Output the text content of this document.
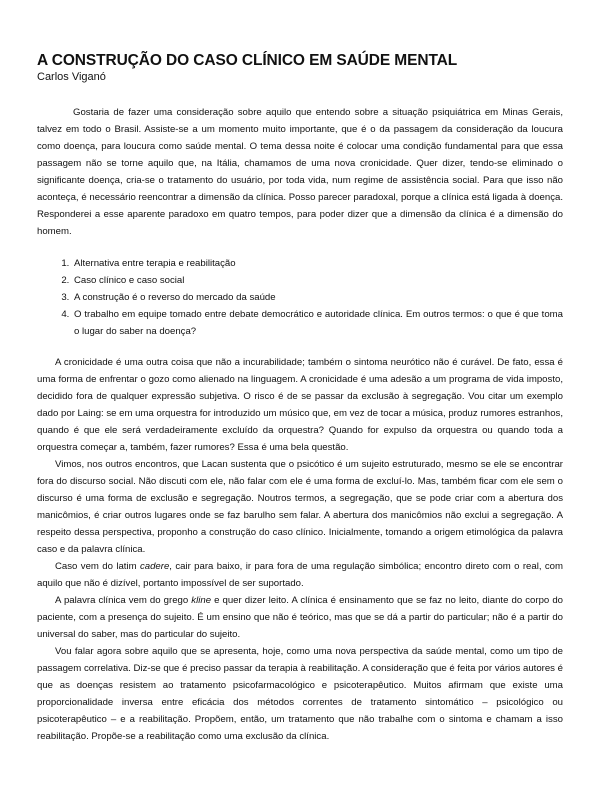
A CONSTRUÇÃO DO CASO CLÍNICO EM SAÚDE MENTAL
Carlos Viganó

Gostaria de fazer uma consideração sobre aquilo que entendo sobre a situação psiquiátrica em Minas Gerais, talvez em todo o Brasil. Assiste-se a um momento muito importante, que é o da passagem da consideração da loucura como doença, para loucura como saúde mental. O tema dessa noite é colocar uma condição fundamental para que essa passagem não se torne aquilo que, na Itália, chamamos de uma nova cronicidade. Quer dizer, tendo-se eliminado o significante doença, cria-se o tratamento do usuário, por toda vida, num regime de assistência social. Para que isso não aconteça, é necessário reencontrar a dimensão da clínica. Posso parecer paradoxal, porque a clínica está ligada à doença. Responderei a esse aparente paradoxo em quatro tempos, para poder dizer que a dimensão da clínica é a dimensão do homem.

1. Alternativa entre terapia e reabilitação
2. Caso clínico e caso social
3. A construção é o reverso do mercado da saúde
4. O trabalho em equipe tomado entre debate democrático e autoridade clínica. Em outros termos: o que é que toma o lugar do saber na doença?

A cronicidade é uma outra coisa que não a incurabilidade; também o sintoma neurótico não é curável. De fato, essa é uma forma de enfrentar o gozo como alienado na linguagem. A cronicidade é uma adesão a um programa de vida imposto, decidido fora de qualquer expressão subjetiva. O risco é de se passar da exclusão à segregação. Vou citar um exemplo dado por Laing: se em uma orquestra for introduzido um músico que, em vez de tocar a música, produz rumores estranhos, quando é que ele será verdadeiramente excluído da orquestra? Quando for expulso da orquestra ou quando toda a orquestra começar a, também, fazer rumores? Essa é uma bela questão.

Vimos, nos outros encontros, que Lacan sustenta que o psicótico é um sujeito estruturado, mesmo se ele se encontrar fora do discurso social. Não discuti com ele, não falar com ele é uma forma de excluí-lo. Mas, também ficar com ele sem o discurso é uma forma de exclusão e segregação. Noutros termos, a segregação, que se pode criar com a abertura dos manicômios, é criar outros lugares onde se faz barulho sem falar. A abertura dos manicômios não exclui a segregação. A respeito dessa perspectiva, proponho a construção do caso clínico. Inicialmente, tomando a origem etimológica da palavra caso e da palavra clínica.

Caso vem do latim cadere, cair para baixo, ir para fora de uma regulação simbólica; encontro direto com o real, com aquilo que não é dizível, portanto impossível de ser suportado.

A palavra clínica vem do grego kline e quer dizer leito. A clínica é ensinamento que se faz no leito, diante do corpo do paciente, com a presença do sujeito. É um ensino que não é teórico, mas que se dá a partir do particular; não é a partir do universal do saber, mas do particular do sujeito.

Vou falar agora sobre aquilo que se apresenta, hoje, como uma nova perspectiva da saúde mental, como um tipo de passagem correlativa. Diz-se que é preciso passar da terapia à reabilitação. A consideração que é feita por vários autores é que as doenças resistem ao tratamento psicofarmacológico e psicoterapêutico. Muitos afirmam que existe uma proporcionalidade inversa entre eficácia dos métodos correntes de tratamento sintomático – psicológico ou psicoterapêutico – e a reabilitação. Propõem, então, um tratamento que não trabalhe com o sintoma e chamam a isso reabilitação. Propõe-se a reabilitação como uma exclusão da clínica.
